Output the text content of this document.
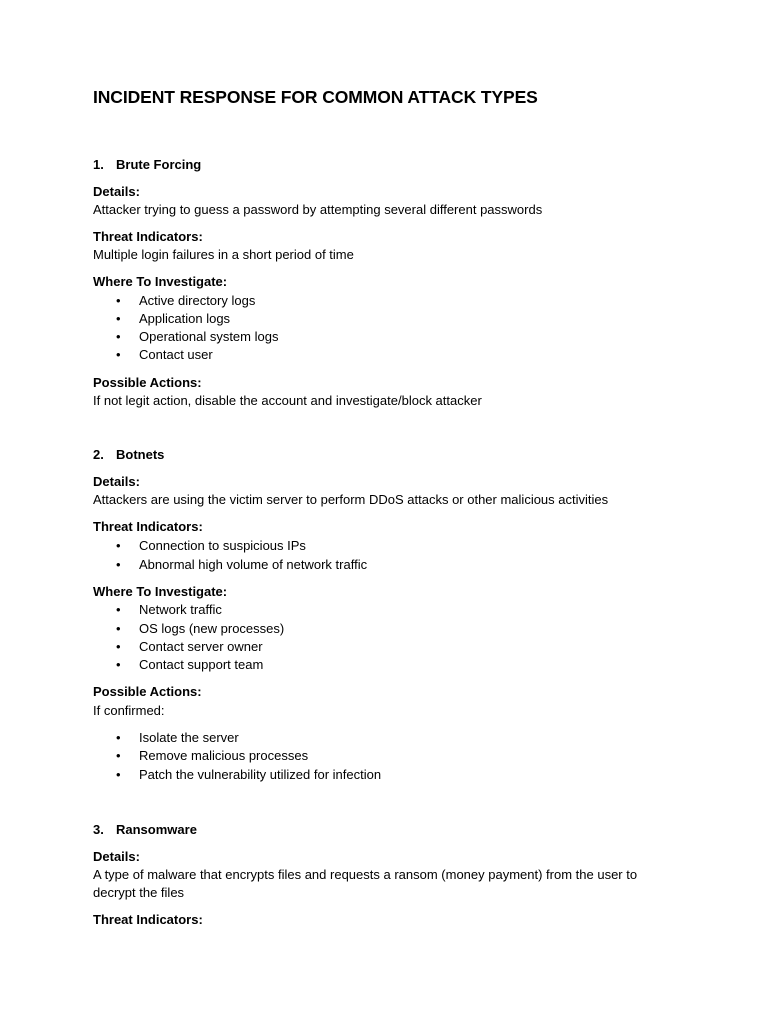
INCIDENT RESPONSE FOR COMMON ATTACK TYPES
1. Brute Forcing
Details:
Attacker trying to guess a password by attempting several different passwords
Threat Indicators:
Multiple login failures in a short period of time
Where To Investigate:
• Active directory logs
• Application logs
• Operational system logs
• Contact user
Possible Actions:
If not legit action, disable the account and investigate/block attacker
2. Botnets
Details:
Attackers are using the victim server to perform DDoS attacks or other malicious activities
Threat Indicators:
• Connection to suspicious IPs
• Abnormal high volume of network traffic
Where To Investigate:
• Network traffic
• OS logs (new processes)
• Contact server owner
• Contact support team
Possible Actions:
If confirmed:
• Isolate the server
• Remove malicious processes
• Patch the vulnerability utilized for infection
3. Ransomware
Details:
A type of malware that encrypts files and requests a ransom (money payment) from the user to
decrypt the files
Threat Indicators:
